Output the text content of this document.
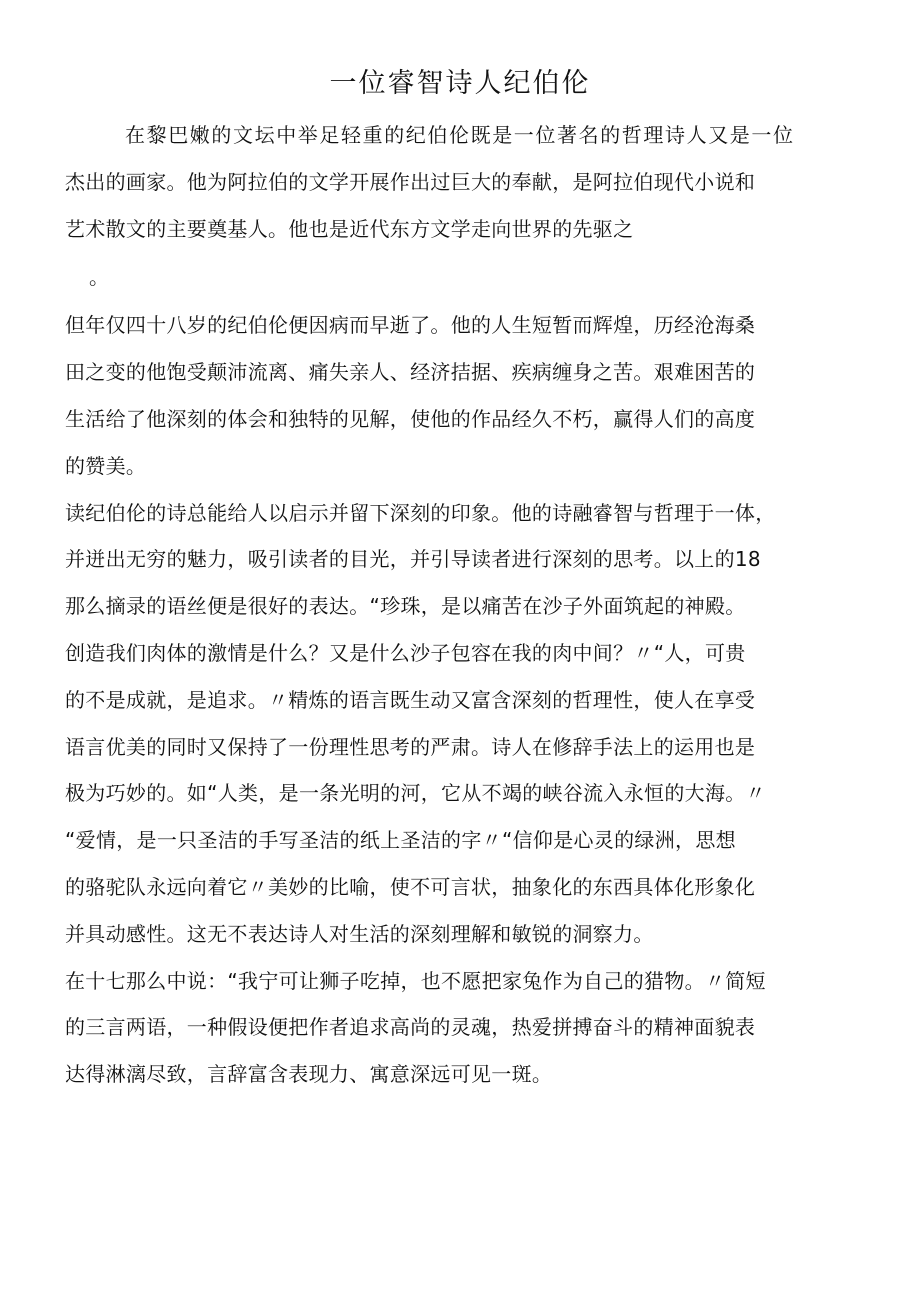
一位睿智诗人纪伯伦
在黎巴嫩的文坛中举足轻重的纪伯伦既是一位著名的哲理诗人又是一位
杰出的画家。他为阿拉伯的文学开展作出过巨大的奉献，是阿拉伯现代小说和
艺术散文的主要奠基人。他也是近代东方文学走向世界的先驱之
。
但年仅四十八岁的纪伯伦便因病而早逝了。他的人生短暂而辉煌，历经沧海桑
田之变的他饱受颠沛流离、痛失亲人、经济拮据、疾病缠身之苦。艰难困苦的
生活给了他深刻的体会和独特的见解，使他的作品经久不朽，赢得人们的高度
的赞美。
读纪伯伦的诗总能给人以启示并留下深刻的印象。他的诗融睿智与哲理于一体，
并迸出无穷的魅力，吸引读者的目光，并引导读者进行深刻的思考。以上的18
那么摘录的语丝便是很好的表达。“珍珠，是以痛苦在沙子外面筑起的神殿。
创造我们肉体的激情是什么？又是什么沙子包容在我的肉中间？〃“人，可贵
的不是成就，是追求。〃精炼的语言既生动又富含深刻的哲理性，使人在享受
语言优美的同时又保持了一份理性思考的严肃。诗人在修辞手法上的运用也是
极为巧妙的。如“人类，是一条光明的河，它从不竭的峡谷流入永恒的大海。〃
“爱情，是一只圣洁的手写圣洁的纸上圣洁的字〃“信仰是心灵的绿洲，思想
的骆驼队永远向着它〃美妙的比喻，使不可言状，抽象化的东西具体化形象化
并具动感性。这无不表达诗人对生活的深刻理解和敏锐的洞察力。
在十七那么中说：“我宁可让狮子吃掉，也不愿把家兔作为自己的猎物。〃简短
的三言两语，一种假设便把作者追求高尚的灵魂，热爱拼搏奋斗的精神面貌表
达得淋漓尽致，言辞富含表现力、寓意深远可见一斑。
